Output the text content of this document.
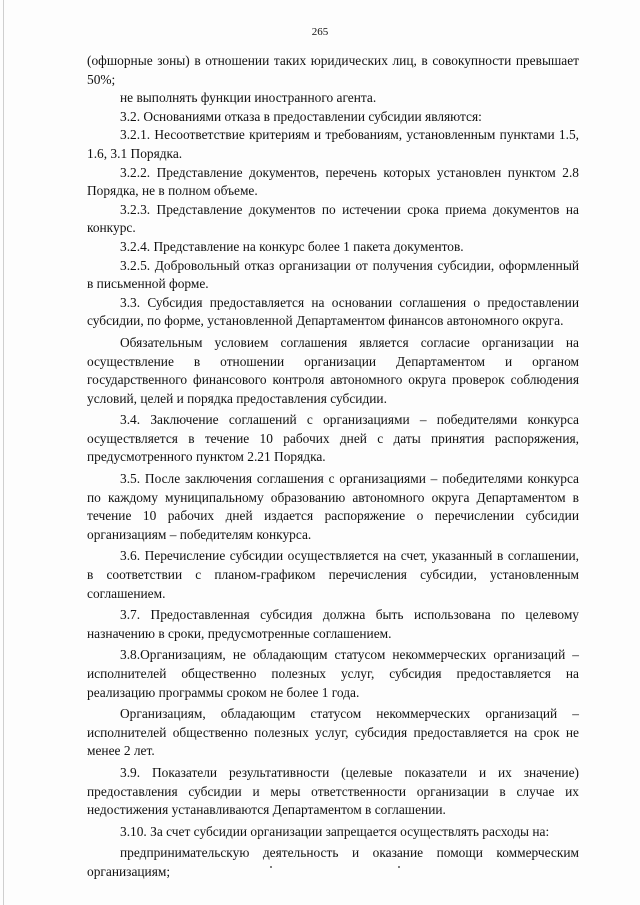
265

(офшорные зоны) в отношении таких юридических лиц, в совокупности превышает 50%;

не выполнять функции иностранного агента.

3.2. Основаниями отказа в предоставлении субсидии являются:

3.2.1. Несоответствие критериям и требованиям, установленным пунктами 1.5, 1.6, 3.1 Порядка.

3.2.2. Представление документов, перечень которых установлен пунктом 2.8 Порядка, не в полном объеме.

3.2.3. Представление документов по истечении срока приема документов на конкурс.

3.2.4. Представление на конкурс более 1 пакета документов.

3.2.5. Добровольный отказ организации от получения субсидии, оформленный в письменной форме.

3.3. Субсидия предоставляется на основании соглашения о предоставлении субсидии, по форме, установленной Департаментом финансов автономного округа.

Обязательным условием соглашения является согласие организации на осуществление в отношении организации Департаментом и органом государственного финансового контроля автономного округа проверок соблюдения условий, целей и порядка предоставления субсидии.

3.4. Заключение соглашений с организациями – победителями конкурса осуществляется в течение 10 рабочих дней с даты принятия распоряжения, предусмотренного пунктом 2.21 Порядка.

3.5. После заключения соглашения с организациями – победителями конкурса по каждому муниципальному образованию автономного округа Департаментом в течение 10 рабочих дней издается распоряжение о перечислении субсидии организациям – победителям конкурса.

3.6. Перечисление субсидии осуществляется на счет, указанный в соглашении, в соответствии с планом-графиком перечисления субсидии, установленным соглашением.

3.7. Предоставленная субсидия должна быть использована по целевому назначению в сроки, предусмотренные соглашением.

3.8.Организациям, не обладающим статусом некоммерческих организаций – исполнителей общественно полезных услуг, субсидия предоставляется на реализацию программы сроком не более 1 года.

Организациям, обладающим статусом некоммерческих организаций – исполнителей общественно полезных услуг, субсидия предоставляется на срок не менее 2 лет.

3.9. Показатели результативности (целевые показатели и их значение) предоставления субсидии и меры ответственности организации в случае их недостижения устанавливаются Департаментом в соглашении.

3.10. За счет субсидии организации запрещается осуществлять расходы на:

предпринимательскую деятельность и оказание помощи коммерческим организациям;
